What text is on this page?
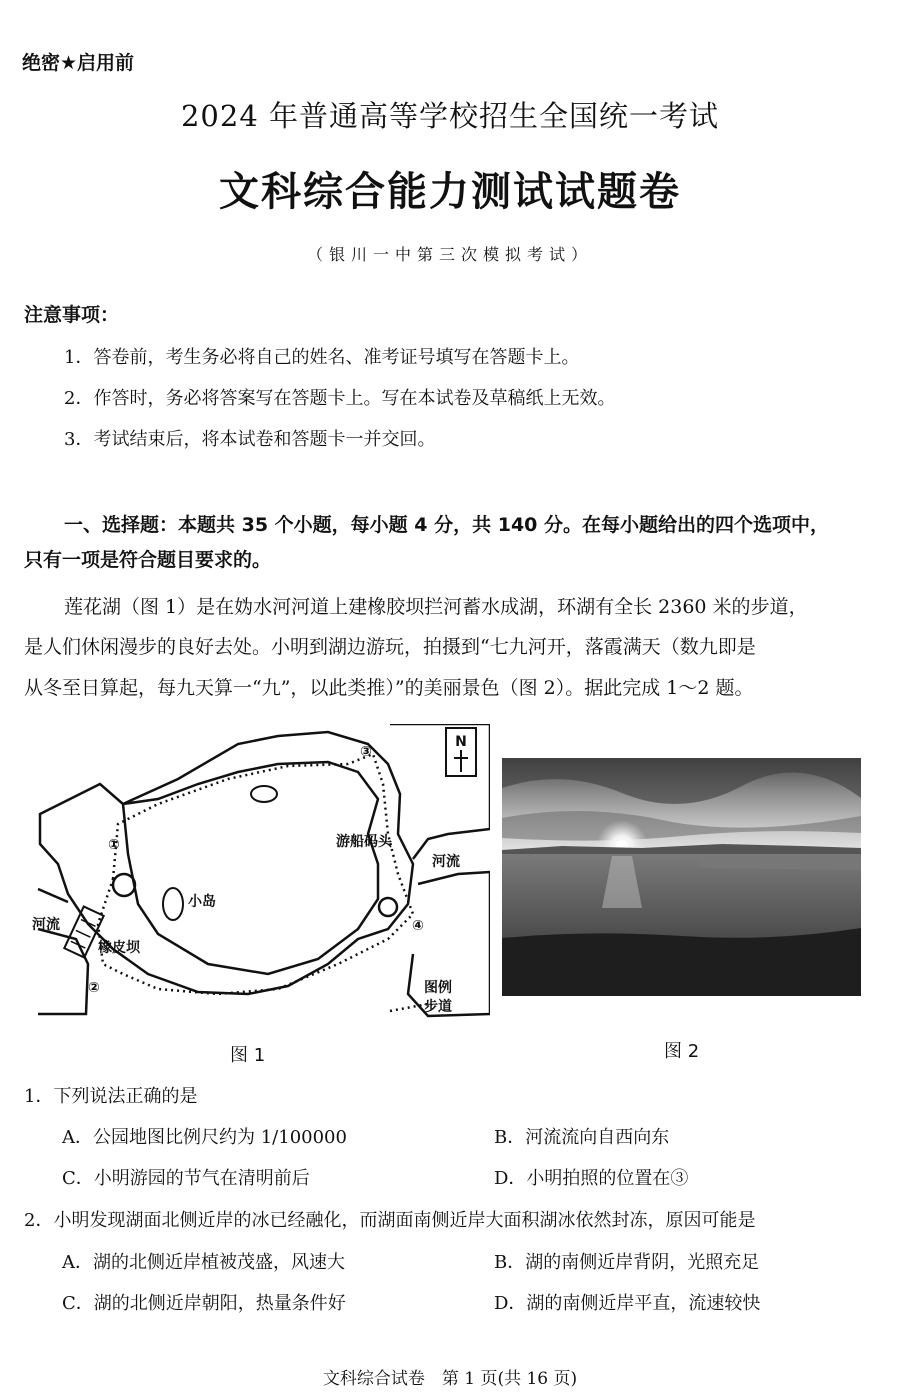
绝密★启用前
2024 年普通高等学校招生全国统一考试
文科综合能力测试试题卷
（银川一中第三次模拟考试）
注意事项：
1．答卷前，考生务必将自己的姓名、准考证号填写在答题卡上。
2．作答时，务必将答案写在答题卡上。写在本试卷及草稿纸上无效。
3．考试结束后，将本试卷和答题卡一并交回。
一、选择题：本题共 35 个小题，每小题 4 分，共 140 分。在每小题给出的四个选项中，
只有一项是符合题目要求的。
莲花湖（图 1）是在妫水河河道上建橡胶坝拦河蓄水成湖，环湖有全长 2360 米的步道，
是人们休闲漫步的良好去处。小明到湖边游玩，拍摄到“七九河开，落霞满天（数九即是
从冬至日算起，每九天算一“九”，以此类推）”的美丽景色（图 2）。据此完成 1～2 题。
N
①
②
③
④
游船码头
河流
河流
小岛
橡皮坝
图例
步道
图 1	图 2
1．下列说法正确的是
A．公园地图比例尺约为 1/100000	B．河流流向自西向东
C．小明游园的节气在清明前后	D．小明拍照的位置在③
2．小明发现湖面北侧近岸的冰已经融化，而湖面南侧近岸大面积湖冰依然封冻，原因可能是
A．湖的北侧近岸植被茂盛，风速大	B．湖的南侧近岸背阴，光照充足
C．湖的北侧近岸朝阳，热量条件好	D．湖的南侧近岸平直，流速较快
文科综合试卷　第 1 页(共 16 页)
